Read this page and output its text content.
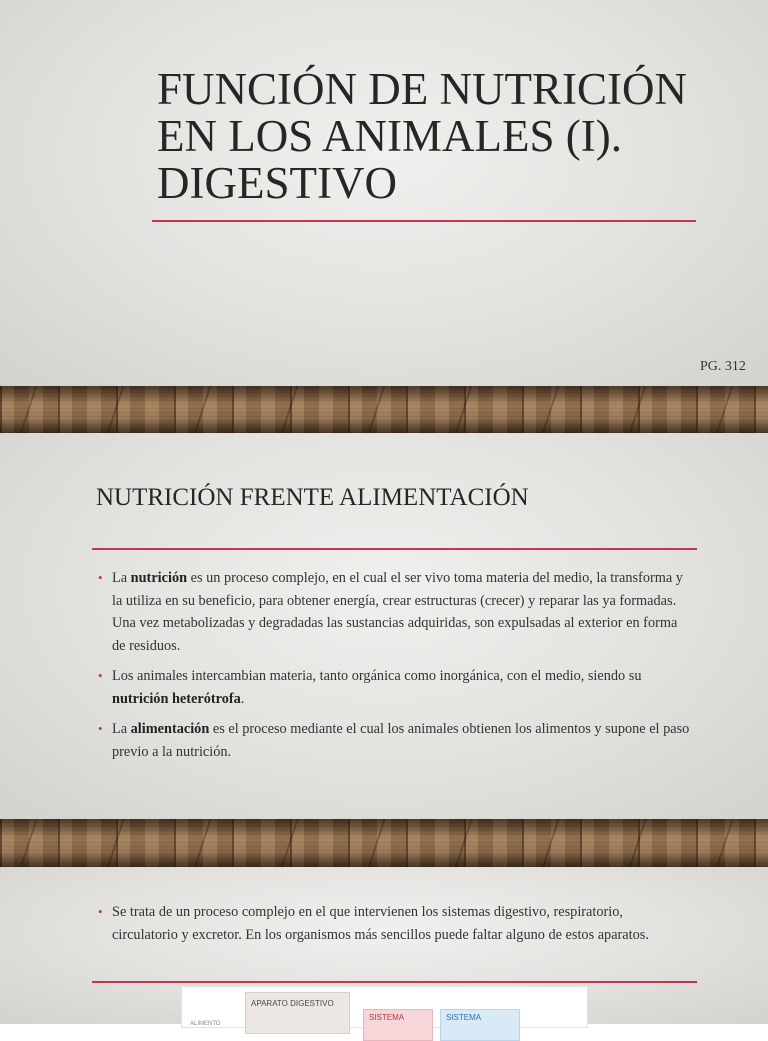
FUNCIÓN DE NUTRICIÓN EN LOS ANIMALES (I). DIGESTIVO
PG. 312
NUTRICIÓN FRENTE ALIMENTACIÓN
• La nutrición es un proceso complejo, en el cual el ser vivo toma materia del medio, la transforma y la utiliza en su beneficio, para obtener energía, crear estructuras (crecer) y reparar las ya formadas. Una vez metabolizadas y degradadas las sustancias adquiridas, son expulsadas al exterior en forma de residuos.
• Los animales intercambian materia, tanto orgánica como inorgánica, con el medio, siendo su nutrición heterótrofa.
• La alimentación es el proceso mediante el cual los animales obtienen los alimentos y supone el paso previo a la nutrición.
• Se trata de un proceso complejo en el que intervienen los sistemas digestivo, respiratorio, circulatorio y excretor. En los organismos más sencillos puede faltar alguno de estos aparatos.
ALIMENTO
APARATO DIGESTIVO
SISTEMA	SISTEMA
